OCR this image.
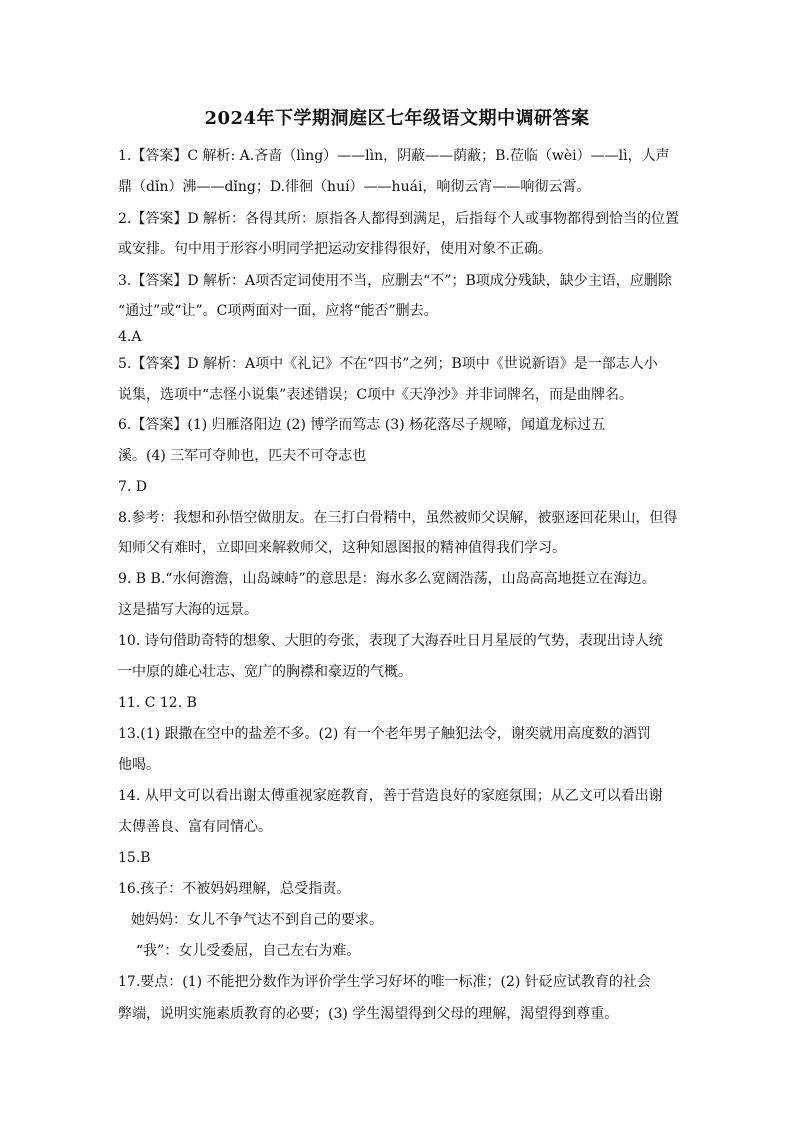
2024年下学期洞庭区七年级语文期中调研答案
1.【答案】C 解析: A.吝啬（lìng）——lìn，阴蔽——荫蔽；B.莅临（wèi）——lì，人声
鼎（dǐn）沸——dǐng；D.徘徊（huí）——huái，响彻云宵——响彻云霄。
2.【答案】D 解析：各得其所：原指各人都得到满足，后指每个人或事物都得到恰当的位置
或安排。句中用于形容小明同学把运动安排得很好，使用对象不正确。
3.【答案】D 解析：A项否定词使用不当，应删去“不”；B项成分残缺，缺少主语，应删除
“通过”或“让”。C项两面对一面，应将“能否”删去。
4.A
5.【答案】D 解析：A项中《礼记》不在“四书”之列；B项中《世说新语》是一部志人小
说集，选项中“志怪小说集”表述错误；C项中《天净沙》并非词牌名，而是曲牌名。
6.【答案】(1) 归雁洛阳边 (2) 博学而笃志 (3) 杨花落尽子规啼，闻道龙标过五
溪。(4) 三军可夺帅也，匹夫不可夺志也
7. D
8.参考：我想和孙悟空做朋友。在三打白骨精中，虽然被师父误解，被驱逐回花果山，但得
知师父有难时，立即回来解救师父，这种知恩图报的精神值得我们学习。
9. B B.“水何澹澹，山岛竦峙”的意思是：海水多么宽阔浩荡，山岛高高地挺立在海边。
这是描写大海的远景。
10. 诗句借助奇特的想象、大胆的夸张，表现了大海吞吐日月星辰的气势，表现出诗人统
一中原的雄心壮志、宽广的胸襟和豪迈的气概。
11. C 12. B
13.(1) 跟撒在空中的盐差不多。(2) 有一个老年男子触犯法令，谢奕就用高度数的酒罚
他喝。
14. 从甲文可以看出谢太傅重视家庭教育，善于营造良好的家庭氛围；从乙文可以看出谢
太傅善良、富有同情心。
15.B
16.孩子：不被妈妈理解，总受指责。
她妈妈：女儿不争气达不到自己的要求。
“我”：女儿受委屈，自己左右为难。
17.要点：(1) 不能把分数作为评价学生学习好坏的唯一标准；(2) 针砭应试教育的社会
弊端，说明实施素质教育的必要；(3) 学生渴望得到父母的理解，渴望得到尊重。
